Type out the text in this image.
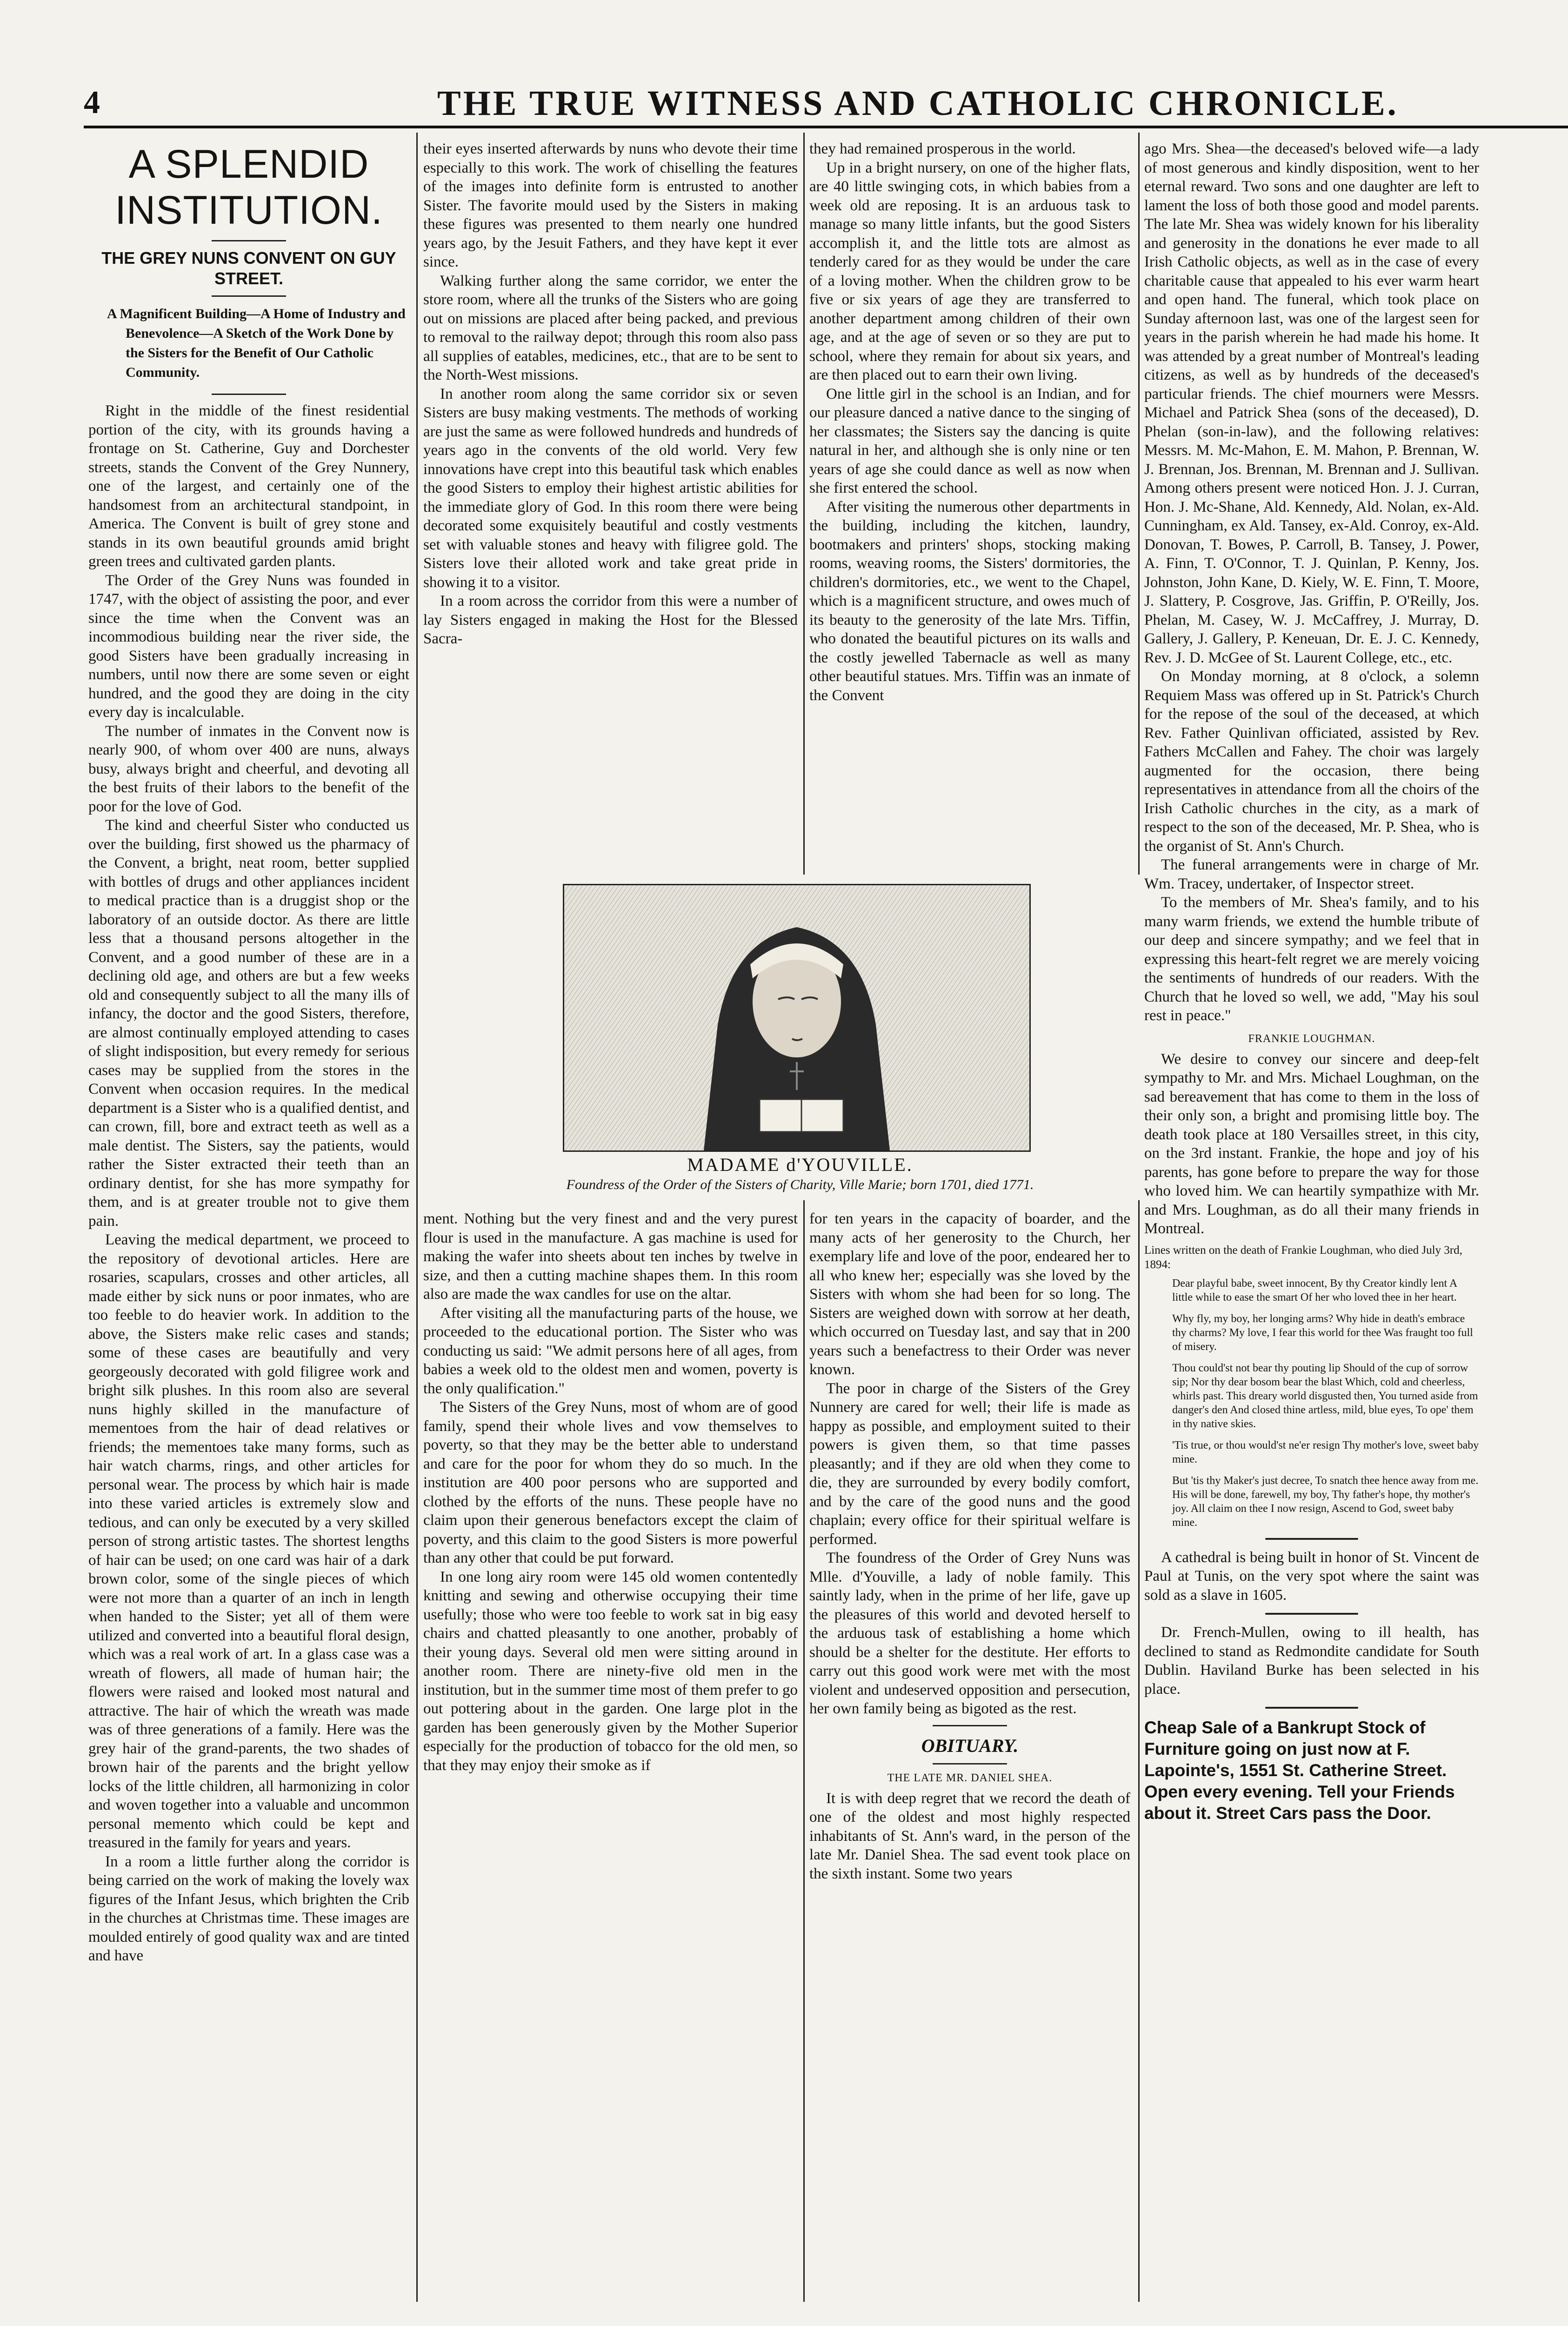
4	THE TRUE WITNESS AND CATHOLIC CHRONICLE.
A SPLENDID INSTITUTION.
THE GREY NUNS CONVENT ON GUY STREET.
A Magnificent Building—A Home of Industry and Benevolence—A Sketch of the Work Done by the Sisters for the Benefit of Our Catholic Community.

Right in the middle of the finest residential portion of the city, with its grounds having a frontage on St. Catherine, Guy and Dorchester streets, stands the Convent of the Grey Nunnery, one of the largest, and certainly one of the handsomest from an architectural standpoint, in America. The Convent is built of grey stone and stands in its own beautiful grounds amid bright green trees and cultivated garden plants.

The Order of the Grey Nuns was founded in 1747, with the object of assisting the poor, and ever since the time when the Convent was an incommodious building near the river side, the good Sisters have been gradually increasing in numbers, until now there are some seven or eight hundred, and the good they are doing in the city every day is incalculable.

The number of inmates in the Convent now is nearly 900, of whom over 400 are nuns, always busy, always bright and cheerful, and devoting all the best fruits of their labors to the benefit of the poor for the love of God.

The kind and cheerful Sister who conducted us over the building, first showed us the pharmacy of the Convent, a bright, neat room, better supplied with bottles of drugs and other appliances incident to medical practice than is a druggist shop or the laboratory of an outside doctor. As there are little less that a thousand persons altogether in the Convent, and a good number of these are in a declining old age, and others are but a few weeks old and consequently subject to all the many ills of infancy, the doctor and the good Sisters, therefore, are almost continually employed attending to cases of slight indisposition, but every remedy for serious cases may be supplied from the stores in the Convent when occasion requires. In the medical department is a Sister who is a qualified dentist, and can crown, fill, bore and extract teeth as well as a male dentist. The Sisters, say the patients, would rather the Sister extracted their teeth than an ordinary dentist, for she has more sympathy for them, and is at greater trouble not to give them pain.

Leaving the medical department, we proceed to the repository of devotional articles. Here are rosaries, scapulars, crosses and other articles, all made either by sick nuns or poor inmates, who are too feeble to do heavier work. In addition to the above, the Sisters make relic cases and stands; some of these cases are beautifully and very georgeously decorated with gold filigree work and bright silk plushes. In this room also are several nuns highly skilled in the manufacture of mementoes from the hair of dead relatives or friends; the mementoes take many forms, such as hair watch charms, rings, and other articles for personal wear. The process by which hair is made into these varied articles is extremely slow and tedious, and can only be executed by a very skilled person of strong artistic tastes. The shortest lengths of hair can be used; on one card was hair of a dark brown color, some of the single pieces of which were not more than a quarter of an inch in length when handed to the Sister; yet all of them were utilized and converted into a beautiful floral design, which was a real work of art. In a glass case was a wreath of flowers, all made of human hair; the flowers were raised and looked most natural and attractive. The hair of which the wreath was made was of three generations of a family. Here was the grey hair of the grand-parents, the two shades of brown hair of the parents and the bright yellow locks of the little children, all harmonizing in color and woven together into a valuable and uncommon personal memento which could be kept and treasured in the family for years and years.

In a room a little further along the corridor is being carried on the work of making the lovely wax figures of the Infant Jesus, which brighten the Crib in the churches at Christmas time. These images are moulded entirely of good quality wax and are tinted and have

their eyes inserted afterwards by nuns who devote their time especially to this work. The work of chiselling the features of the images into definite form is entrusted to another Sister. The favorite mould used by the Sisters in making these figures was presented to them nearly one hundred years ago, by the Jesuit Fathers, and they have kept it ever since.

Walking further along the same corridor, we enter the store room, where all the trunks of the Sisters who are going out on missions are placed after being packed, and previous to removal to the railway depot; through this room also pass all supplies of eatables, medicines, etc., that are to be sent to the North-West missions.

In another room along the same corridor six or seven Sisters are busy making vestments. The methods of working are just the same as were followed hundreds and hundreds of years ago in the convents of the old world. Very few innovations have crept into this beautiful task which enables the good Sisters to employ their highest artistic abilities for the immediate glory of God. In this room there were being decorated some exquisitely beautiful and costly vestments set with valuable stones and heavy with filigree gold. The Sisters love their alloted work and take great pride in showing it to a visitor.

In a room across the corridor from this were a number of lay Sisters engaged in making the Host for the Blessed Sacra-

they had remained prosperous in the world.

Up in a bright nursery, on one of the higher flats, are 40 little swinging cots, in which babies from a week old are reposing. It is an arduous task to manage so many little infants, but the good Sisters accomplish it, and the little tots are almost as tenderly cared for as they would be under the care of a loving mother. When the children grow to be five or six years of age they are transferred to another department among children of their own age, and at the age of seven or so they are put to school, where they remain for about six years, and are then placed out to earn their own living.

One little girl in the school is an Indian, and for our pleasure danced a native dance to the singing of her classmates; the Sisters say the dancing is quite natural in her, and although she is only nine or ten years of age she could dance as well as now when she first entered the school.

After visiting the numerous other departments in the building, including the kitchen, laundry, bootmakers and printers' shops, stocking making rooms, weaving rooms, the Sisters' dormitories, the children's dormitories, etc., we went to the Chapel, which is a magnificent structure, and owes much of its beauty to the generosity of the late Mrs. Tiffin, who donated the beautiful pictures on its walls and the costly jewelled Tabernacle as well as many other beautiful statues. Mrs. Tiffin was an inmate of the Convent

MADAME d'YOUVILLE.
Foundress of the Order of the Sisters of Charity, Ville Marie; born 1701, died 1771.

ment. Nothing but the very finest and and the very purest flour is used in the manufacture. A gas machine is used for making the wafer into sheets about ten inches by twelve in size, and then a cutting machine shapes them. In this room also are made the wax candles for use on the altar.

After visiting all the manufacturing parts of the house, we proceeded to the educational portion. The Sister who was conducting us said: "We admit persons here of all ages, from babies a week old to the oldest men and women, poverty is the only qualification."

The Sisters of the Grey Nuns, most of whom are of good family, spend their whole lives and vow themselves to poverty, so that they may be the better able to understand and care for the poor for whom they do so much. In the institution are 400 poor persons who are supported and clothed by the efforts of the nuns. These people have no claim upon their generous benefactors except the claim of poverty, and this claim to the good Sisters is more powerful than any other that could be put forward.

In one long airy room were 145 old women contentedly knitting and sewing and otherwise occupying their time usefully; those who were too feeble to work sat in big easy chairs and chatted pleasantly to one another, probably of their young days. Several old men were sitting around in another room. There are ninety-five old men in the institution, but in the summer time most of them prefer to go out pottering about in the garden. One large plot in the garden has been generously given by the Mother Superior especially for the production of tobacco for the old men, so that they may enjoy their smoke as if

for ten years in the capacity of boarder, and the many acts of her generosity to the Church, her exemplary life and love of the poor, endeared her to all who knew her; especially was she loved by the Sisters with whom she had been for so long. The Sisters are weighed down with sorrow at her death, which occurred on Tuesday last, and say that in 200 years such a benefactress to their Order was never known.

The poor in charge of the Sisters of the Grey Nunnery are cared for well; their life is made as happy as possible, and employment suited to their powers is given them, so that time passes pleasantly; and if they are old when they come to die, they are surrounded by every bodily comfort, and by the care of the good nuns and the good chaplain; every office for their spiritual welfare is performed.

The foundress of the Order of Grey Nuns was Mlle. d'Youville, a lady of noble family. This saintly lady, when in the prime of her life, gave up the pleasures of this world and devoted herself to the arduous task of establishing a home which should be a shelter for the destitute. Her efforts to carry out this good work were met with the most violent and undeserved opposition and persecution, her own family being as bigoted as the rest.

OBITUARY.
THE LATE MR. DANIEL SHEA.

It is with deep regret that we record the death of one of the oldest and most highly respected inhabitants of St. Ann's ward, in the person of the late Mr. Daniel Shea. The sad event took place on the sixth instant. Some two years

ago Mrs. Shea—the deceased's beloved wife—a lady of most generous and kindly disposition, went to her eternal reward. Two sons and one daughter are left to lament the loss of both those good and model parents. The late Mr. Shea was widely known for his liberality and generosity in the donations he ever made to all Irish Catholic objects, as well as in the case of every charitable cause that appealed to his ever warm heart and open hand. The funeral, which took place on Sunday afternoon last, was one of the largest seen for years in the parish wherein he had made his home. It was attended by a great number of Montreal's leading citizens, as well as by hundreds of the deceased's particular friends. The chief mourners were Messrs. Michael and Patrick Shea (sons of the deceased), D. Phelan (son-in-law), and the following relatives: Messrs. M. Mc-Mahon, E. M. Mahon, P. Brennan, W. J. Brennan, Jos. Brennan, M. Brennan and J. Sullivan. Among others present were noticed Hon. J. J. Curran, Hon. J. Mc-Shane, Ald. Kennedy, Ald. Nolan, ex-Ald. Cunningham, ex Ald. Tansey, ex-Ald. Conroy, ex-Ald. Donovan, T. Bowes, P. Carroll, B. Tansey, J. Power, A. Finn, T. O'Connor, T. J. Quinlan, P. Kenny, Jos. Johnston, John Kane, D. Kiely, W. E. Finn, T. Moore, J. Slattery, P. Cosgrove, Jas. Griffin, P. O'Reilly, Jos. Phelan, M. Casey, W. J. McCaffrey, J. Murray, D. Gallery, J. Gallery, P. Keneuan, Dr. E. J. C. Kennedy, Rev. J. D. McGee of St. Laurent College, etc., etc.

On Monday morning, at 8 o'clock, a solemn Requiem Mass was offered up in St. Patrick's Church for the repose of the soul of the deceased, at which Rev. Father Quinlivan officiated, assisted by Rev. Fathers McCallen and Fahey. The choir was largely augmented for the occasion, there being representatives in attendance from all the choirs of the Irish Catholic churches in the city, as a mark of respect to the son of the deceased, Mr. P. Shea, who is the organist of St. Ann's Church.

The funeral arrangements were in charge of Mr. Wm. Tracey, undertaker, of Inspector street.

To the members of Mr. Shea's family, and to his many warm friends, we extend the humble tribute of our deep and sincere sympathy; and we feel that in expressing this heart-felt regret we are merely voicing the sentiments of hundreds of our readers. With the Church that he loved so well, we add, "May his soul rest in peace."

FRANKIE LOUGHMAN.

We desire to convey our sincere and deep-felt sympathy to Mr. and Mrs. Michael Loughman, on the sad bereavement that has come to them in the loss of their only son, a bright and promising little boy. The death took place at 180 Versailles street, in this city, on the 3rd instant. Frankie, the hope and joy of his parents, has gone before to prepare the way for those who loved him. We can heartily sympathize with Mr. and Mrs. Loughman, as do all their many friends in Montreal.

Lines written on the death of Frankie Loughman, who died July 3rd, 1894:

Dear playful babe, sweet innocent, By thy Creator kindly lent A little while to ease the smart Of her who loved thee in her heart.

Why fly, my boy, her longing arms? Why hide in death's embrace thy charms? My love, I fear this world for thee Was fraught too full of misery.

Thou could'st not bear thy pouting lip Should of the cup of sorrow sip; Nor thy dear bosom bear the blast Which, cold and cheerless, whirls past. This dreary world disgusted then, You turned aside from danger's den And closed thine artless, mild, blue eyes, To ope' them in thy native skies.

'Tis true, or thou would'st ne'er resign Thy mother's love, sweet baby mine.

But 'tis thy Maker's just decree, To snatch thee hence away from me. His will be done, farewell, my boy, Thy father's hope, thy mother's joy. All claim on thee I now resign, Ascend to God, sweet baby mine.

A cathedral is being built in honor of St. Vincent de Paul at Tunis, on the very spot where the saint was sold as a slave in 1605.

Dr. French-Mullen, owing to ill health, has declined to stand as Redmondite candidate for South Dublin. Haviland Burke has been selected in his place.

Cheap Sale of a Bankrupt Stock of Furniture going on just now at F. Lapointe's, 1551 St. Catherine Street. Open every evening. Tell your Friends about it. Street Cars pass the Door.
